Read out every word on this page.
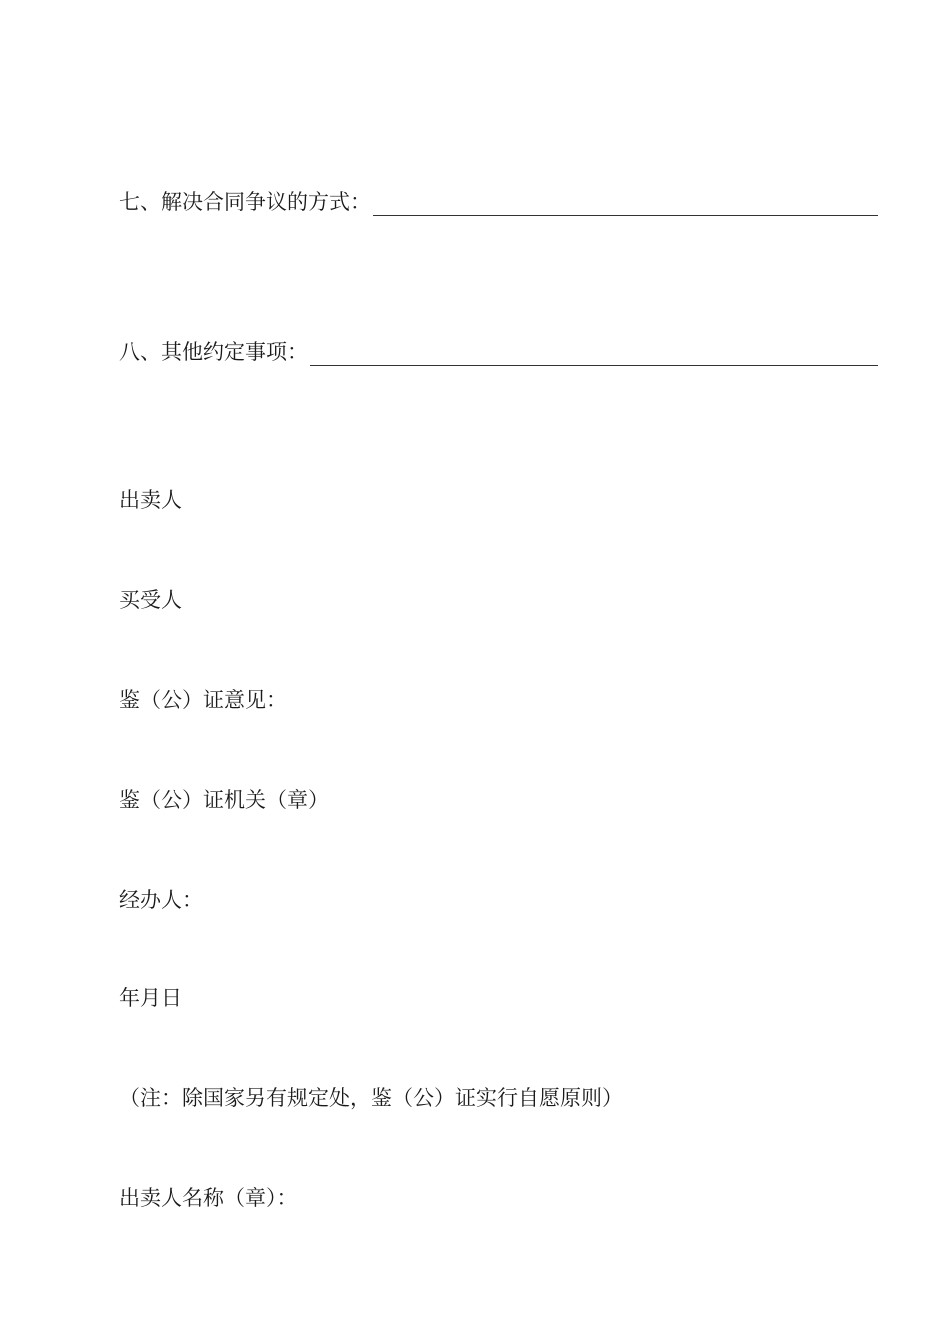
七、解决合同争议的方式：
八、其他约定事项：
出卖人
买受人
鉴（公）证意见：
鉴（公）证机关（章）
经办人：
年月日
（注：除国家另有规定处，鉴（公）证实行自愿原则）
出卖人名称（章）：
